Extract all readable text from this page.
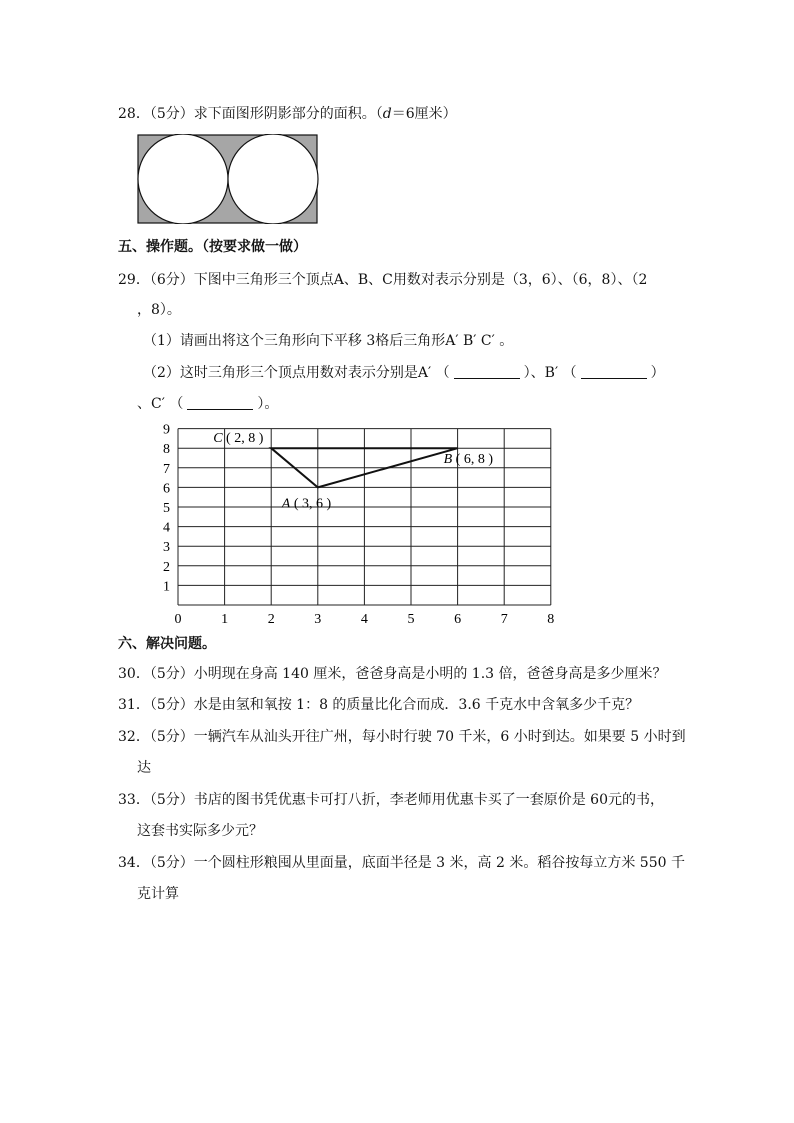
28．（5分）求下面图形阴影部分的面积。（d＝6厘米）
五、操作题。（按要求做一做）
29．（6分）下图中三角形三个顶点A、B、C用数对表示分别是（3，6）、（6，8）、（2
，8）。
（1）请画出将这个三角形向下平移 3格后三角形A′ B′ C′ 。
（2）这时三角形三个顶点用数对表示分别是A′ （	）、B′ （	）
、C′ （	）。
0	1	2	3	4	5	6	7	8
1
2
3
4
5
6
7
8
9
A ( 3, 6 )
B ( 6, 8 )
C ( 2, 8 )
六、解决问题。
30．（5分）小明现在身高 140 厘米，爸爸身高是小明的 1.3 倍，爸爸身高是多少厘米？
31．（5分）水是由氢和氧按 1：8 的质量比化合而成．3.6 千克水中含氧多少千克？
32．（5分）一辆汽车从汕头开往广州，每小时行驶 70 千米，6 小时到达。如果要 5 小时到
达
33．（5分）书店的图书凭优惠卡可打八折，李老师用优惠卡买了一套原价是 60元的书，
这套书实际多少元？
34．（5分）一个圆柱形粮囤从里面量，底面半径是 3 米，高 2 米。稻谷按每立方米 550 千
克计算
